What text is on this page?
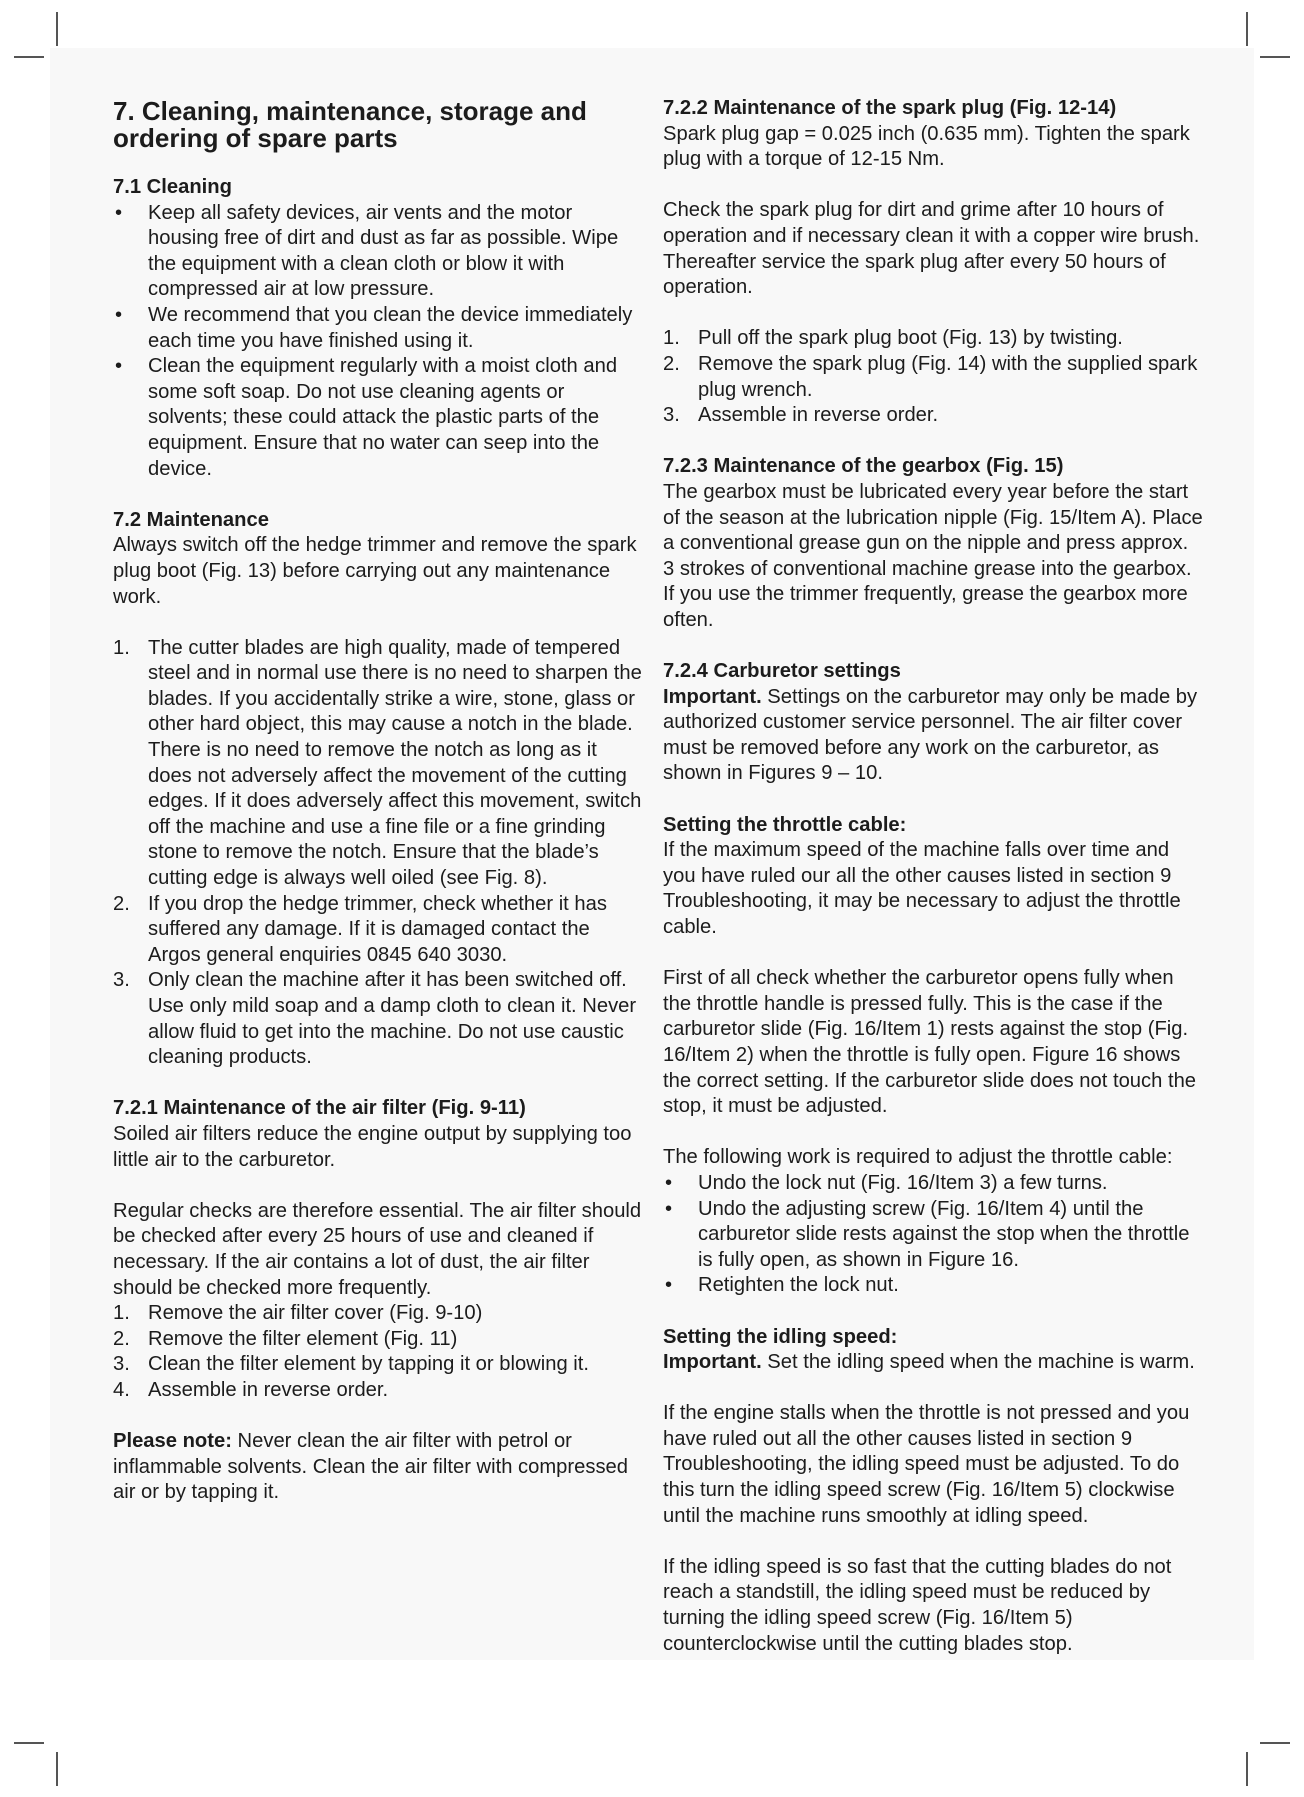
7. Cleaning, maintenance, storage and ordering of spare parts
7.1 Cleaning
• Keep all safety devices, air vents and the motor housing free of dirt and dust as far as possible. Wipe the equipment with a clean cloth or blow it with compressed air at low pressure.
• We recommend that you clean the device immediately each time you have finished using it.
• Clean the equipment regularly with a moist cloth and some soft soap. Do not use cleaning agents or solvents; these could attack the plastic parts of the equipment. Ensure that no water can seep into the device.
7.2 Maintenance

Always switch off the hedge trimmer and remove the spark plug boot (Fig. 13) before carrying out any maintenance work.

1. The cutter blades are high quality, made of tempered steel and in normal use there is no need to sharpen the blades. If you accidentally strike a wire, stone, glass or other hard object, this may cause a notch in the blade. There is no need to remove the notch as long as it does not adversely affect the movement of the cutting edges. If it does adversely affect this movement, switch off the machine and use a fine file or a fine grinding stone to remove the notch. Ensure that the blade’s cutting edge is always well oiled (see Fig. 8).
2. If you drop the hedge trimmer, check whether it has suffered any damage. If it is damaged contact the Argos general enquiries 0845 640 3030.
3. Only clean the machine after it has been switched off. Use only mild soap and a damp cloth to clean it. Never allow fluid to get into the machine. Do not use caustic cleaning products.
7.2.1 Maintenance of the air filter (Fig. 9-11)

Soiled air filters reduce the engine output by supplying too little air to the carburetor.

Regular checks are therefore essential. The air filter should be checked after every 25 hours of use and cleaned if necessary. If the air contains a lot of dust, the air filter should be checked more frequently.

1. Remove the air filter cover (Fig. 9-10)
2. Remove the filter element (Fig. 11)
3. Clean the filter element by tapping it or blowing it.
4. Assemble in reverse order.

Please note: Never clean the air filter with petrol or inflammable solvents. Clean the air filter with compressed air or by tapping it.

7.2.2 Maintenance of the spark plug (Fig. 12-14)

Spark plug gap = 0.025 inch (0.635 mm). Tighten the spark plug with a torque of 12-15 Nm.

Check the spark plug for dirt and grime after 10 hours of operation and if necessary clean it with a copper wire brush. Thereafter service the spark plug after every 50 hours of operation.

1. Pull off the spark plug boot (Fig. 13) by twisting.
2. Remove the spark plug (Fig. 14) with the supplied spark plug wrench.
3. Assemble in reverse order.
7.2.3 Maintenance of the gearbox (Fig. 15)

The gearbox must be lubricated every year before the start of the season at the lubrication nipple (Fig. 15/Item A). Place a conventional grease gun on the nipple and press approx. 3 strokes of conventional machine grease into the gearbox. If you use the trimmer frequently, grease the gearbox more often.

7.2.4 Carburetor settings

Important. Settings on the carburetor may only be made by authorized customer service personnel. The air filter cover must be removed before any work on the carburetor, as shown in Figures 9 – 10.

Setting the throttle cable:

If the maximum speed of the machine falls over time and you have ruled our all the other causes listed in section 9 Troubleshooting, it may be necessary to adjust the throttle cable.

First of all check whether the carburetor opens fully when the throttle handle is pressed fully. This is the case if the carburetor slide (Fig. 16/Item 1) rests against the stop (Fig. 16/Item 2) when the throttle is fully open. Figure 16 shows the correct setting. If the carburetor slide does not touch the stop, it must be adjusted.

The following work is required to adjust the throttle cable:

• Undo the lock nut (Fig. 16/Item 3) a few turns.
• Undo the adjusting screw (Fig. 16/Item 4) until the carburetor slide rests against the stop when the throttle is fully open, as shown in Figure 16.
• Retighten the lock nut.
Setting the idling speed:

Important. Set the idling speed when the machine is warm.

If the engine stalls when the throttle is not pressed and you have ruled out all the other causes listed in section 9 Troubleshooting, the idling speed must be adjusted. To do this turn the idling speed screw (Fig. 16/Item 5) clockwise until the machine runs smoothly at idling speed.

If the idling speed is so fast that the cutting blades do not reach a standstill, the idling speed must be reduced by turning the idling speed screw (Fig. 16/Item 5) counterclockwise until the cutting blades stop.
